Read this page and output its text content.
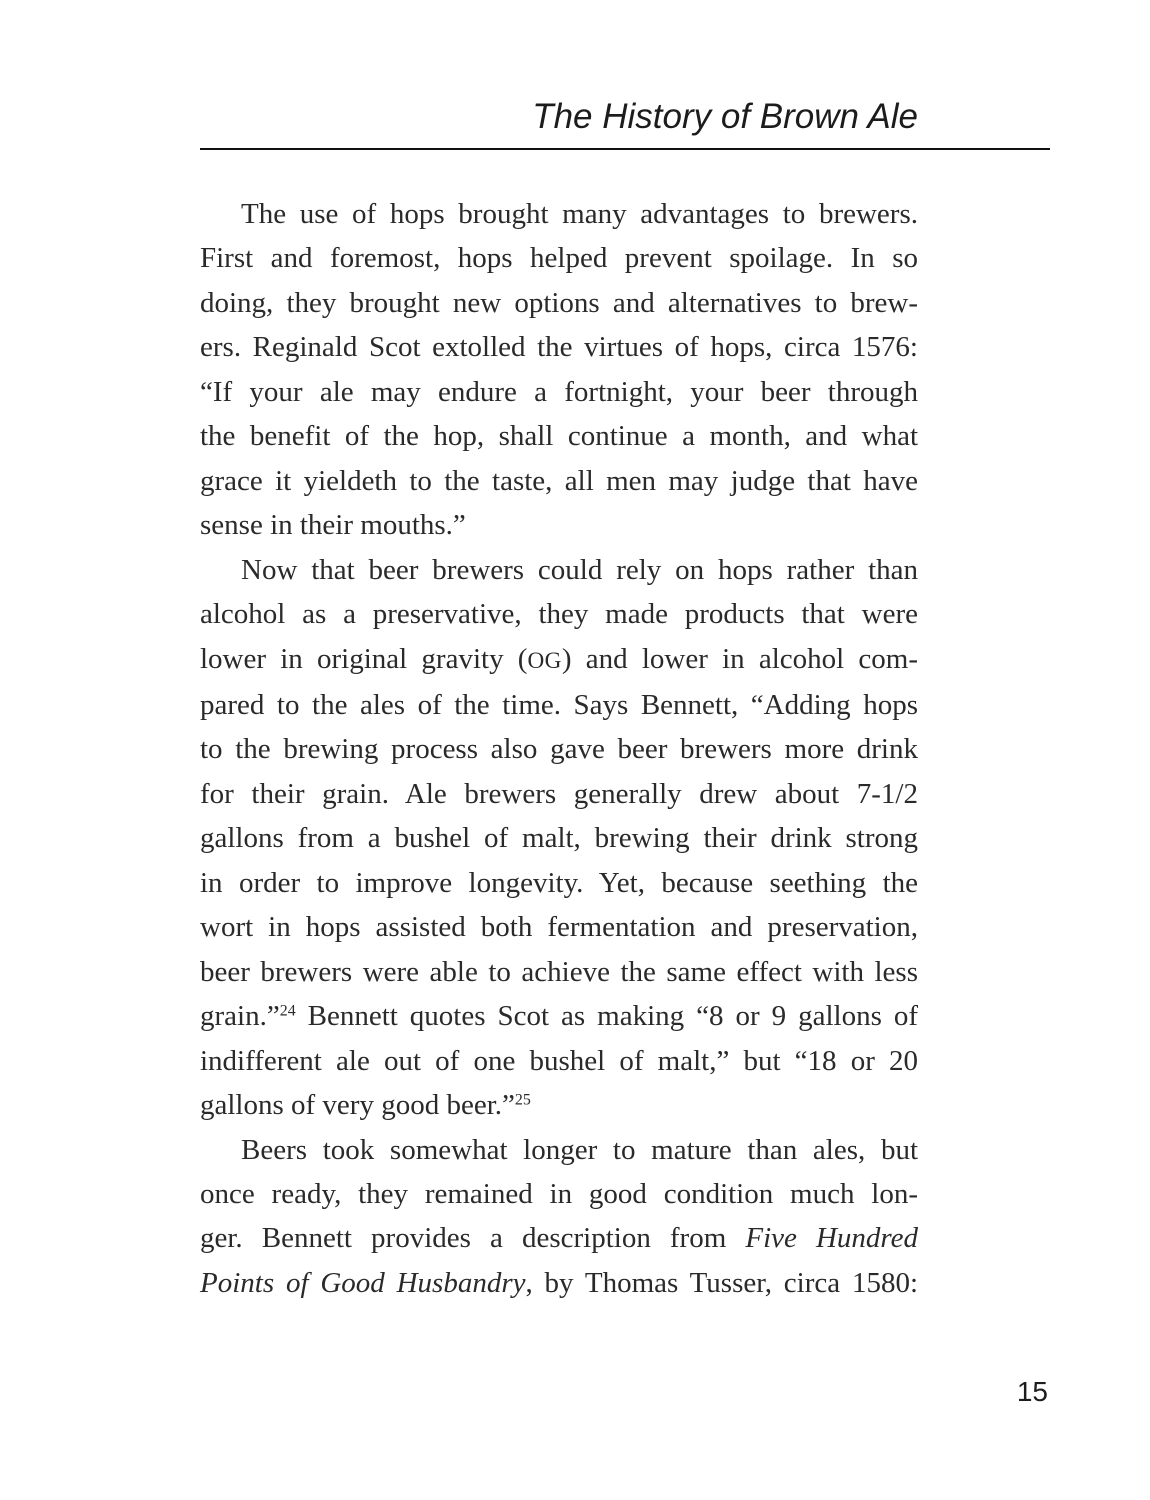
The History of Brown Ale
The use of hops brought many advantages to brewers.
First and foremost, hops helped prevent spoilage. In so
doing, they brought new options and alternatives to brew-
ers. Reginald Scot extolled the virtues of hops, circa 1576:
“If your ale may endure a fortnight, your beer through
the benefit of the hop, shall continue a month, and what
grace it yieldeth to the taste, all men may judge that have
sense in their mouths.”
Now that beer brewers could rely on hops rather than
alcohol as a preservative, they made products that were
lower in original gravity (OG) and lower in alcohol com-
pared to the ales of the time. Says Bennett, “Adding hops
to the brewing process also gave beer brewers more drink
for their grain. Ale brewers generally drew about 7-1/2
gallons from a bushel of malt, brewing their drink strong
in order to improve longevity. Yet, because seething the
wort in hops assisted both fermentation and preservation,
beer brewers were able to achieve the same effect with less
grain.”$^{24}$ Bennett quotes Scot as making “8 or 9 gallons of
indifferent ale out of one bushel of malt,” but “18 or 20
gallons of very good beer.”$^{25}$
Beers took somewhat longer to mature than ales, but
once ready, they remained in good condition much lon-
ger. Bennett provides a description from Five Hundred
Points of Good Husbandry, by Thomas Tusser, circa 1580:
15
